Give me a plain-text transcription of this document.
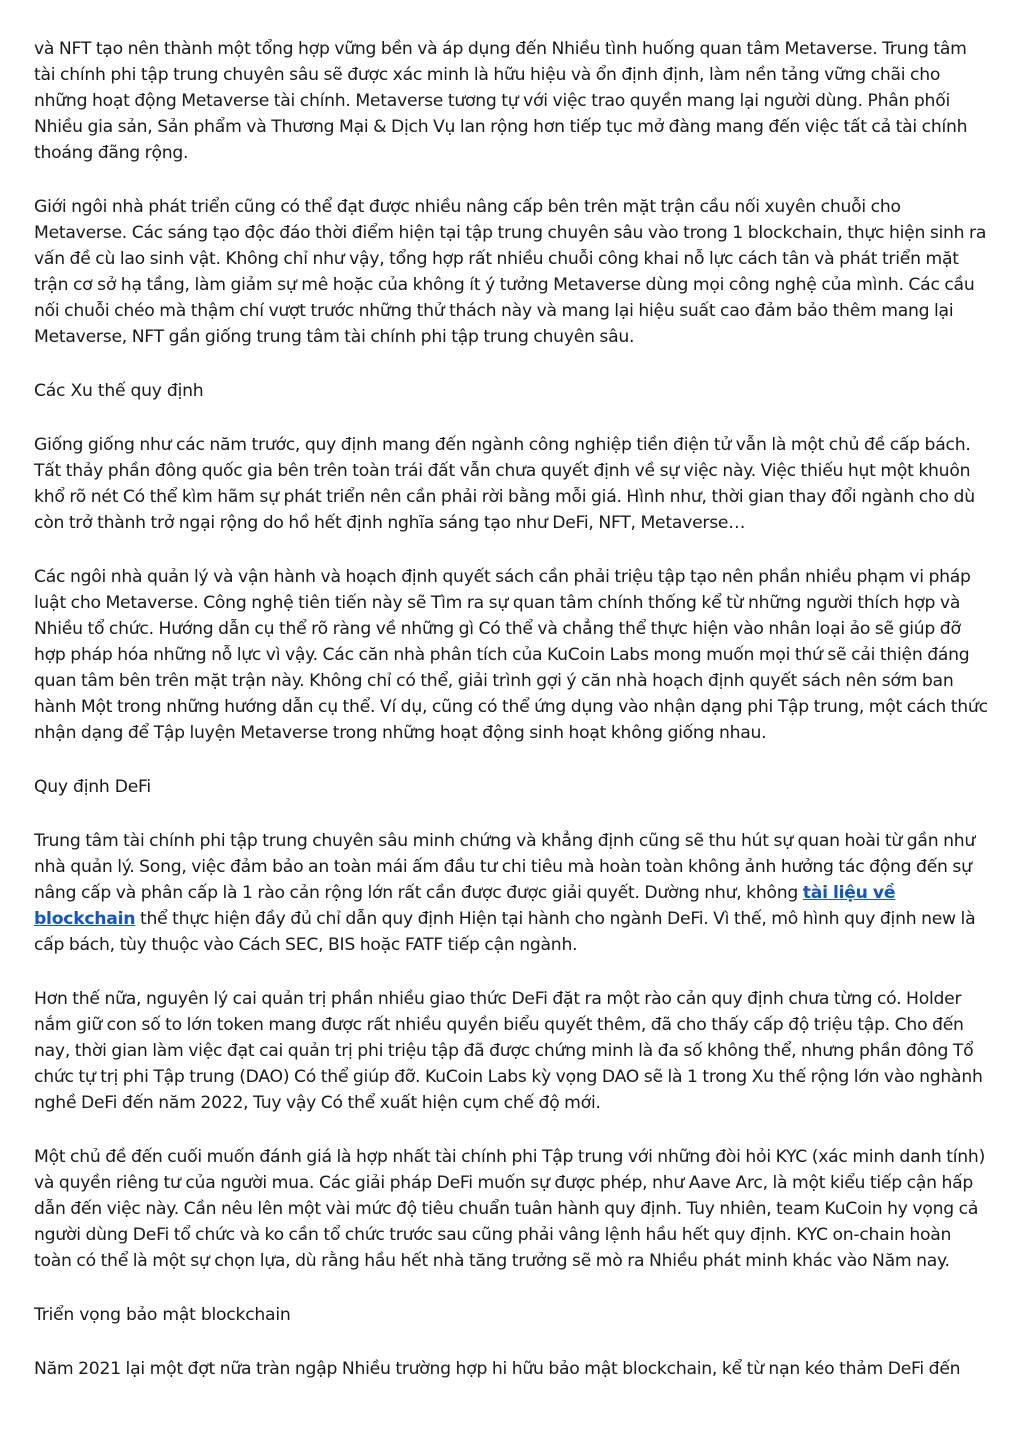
và NFT tạo nên thành một tổng hợp vững bền và áp dụng đến Nhiều tình huống quan tâm Metaverse. Trung tâm tài chính phi tập trung chuyên sâu sẽ được xác minh là hữu hiệu và ổn định định, làm nền tảng vững chãi cho những hoạt động Metaverse tài chính. Metaverse tương tự với việc trao quyền mang lại người dùng. Phân phối Nhiều gia sản, Sản phẩm và Thương Mại & Dịch Vụ lan rộng hơn tiếp tục mở đàng mang đến việc tất cả tài chính thoáng đãng rộng.

Giới ngôi nhà phát triển cũng có thể đạt được nhiều nâng cấp bên trên mặt trận cầu nối xuyên chuỗi cho Metaverse. Các sáng tạo độc đáo thời điểm hiện tại tập trung chuyên sâu vào trong 1 blockchain, thực hiện sinh ra vấn đề cù lao sinh vật. Không chỉ như vậy, tổng hợp rất nhiều chuỗi công khai nỗ lực cách tân và phát triển mặt trận cơ sở hạ tầng, làm giảm sự mê hoặc của không ít ý tưởng Metaverse dùng mọi công nghệ của mình. Các cầu nối chuỗi chéo mà thậm chí vượt trước những thử thách này và mang lại hiệu suất cao đảm bảo thêm mang lại Metaverse, NFT gần giống trung tâm tài chính phi tập trung chuyên sâu.

Các Xu thế quy định

Giống giống như các năm trước, quy định mang đến ngành công nghiệp tiền điện tử vẫn là một chủ đề cấp bách. Tất thảy phần đông quốc gia bên trên toàn trái đất vẫn chưa quyết định về sự việc này. Việc thiếu hụt một khuôn khổ rõ nét Có thể kìm hãm sự phát triển nên cần phải rời bằng mỗi giá. Hình như, thời gian thay đổi ngành cho dù còn trở thành trở ngại rộng do hồ hết định nghĩa sáng tạo như DeFi, NFT, Metaverse…

Các ngôi nhà quản lý và vận hành và hoạch định quyết sách cần phải triệu tập tạo nên phần nhiều phạm vi pháp luật cho Metaverse. Công nghệ tiên tiến này sẽ Tìm ra sự quan tâm chính thống kể từ những người thích hợp và Nhiều tổ chức. Hướng dẫn cụ thể rõ ràng về những gì Có thể và chẳng thể thực hiện vào nhân loại ảo sẽ giúp đỡ hợp pháp hóa những nỗ lực vì vậy. Các căn nhà phân tích của KuCoin Labs mong muốn mọi thứ sẽ cải thiện đáng quan tâm bên trên mặt trận này. Không chỉ có thể, giải trình gợi ý căn nhà hoạch định quyết sách nên sớm ban hành Một trong những hướng dẫn cụ thể. Ví dụ, cũng có thể ứng dụng vào nhận dạng phi Tập trung, một cách thức nhận dạng để Tập luyện Metaverse trong những hoạt động sinh hoạt không giống nhau.

Quy định DeFi

Trung tâm tài chính phi tập trung chuyên sâu minh chứng và khẳng định cũng sẽ thu hút sự quan hoài từ gần như nhà quản lý. Song, việc đảm bảo an toàn mái ấm đầu tư chi tiêu mà hoàn toàn không ảnh hưởng tác động đến sự nâng cấp và phân cấp là 1 rào cản rộng lớn rất cần được được giải quyết. Dường như, không tài liệu về blockchain thể thực hiện đầy đủ chỉ dẫn quy định Hiện tại hành cho ngành DeFi. Vì thế, mô hình quy định new là cấp bách, tùy thuộc vào Cách SEC, BIS hoặc FATF tiếp cận ngành.

Hơn thế nữa, nguyên lý cai quản trị phần nhiều giao thức DeFi đặt ra một rào cản quy định chưa từng có. Holder nắm giữ con số to lớn token mang được rất nhiều quyền biểu quyết thêm, đã cho thấy cấp độ triệu tập. Cho đến nay, thời gian làm việc đạt cai quản trị phi triệu tập đã được chứng minh là đa số không thể, nhưng phần đông Tổ chức tự trị phi Tập trung (DAO) Có thể giúp đỡ. KuCoin Labs kỳ vọng DAO sẽ là 1 trong Xu thế rộng lớn vào nghành nghề DeFi đến năm 2022, Tuy vậy Có thể xuất hiện cụm chế độ mới.

Một chủ đề đến cuối muốn đánh giá là hợp nhất tài chính phi Tập trung với những đòi hỏi KYC (xác minh danh tính) và quyền riêng tư của người mua. Các giải pháp DeFi muốn sự được phép, như Aave Arc, là một kiểu tiếp cận hấp dẫn đến việc này. Cần nêu lên một vài mức độ tiêu chuẩn tuân hành quy định. Tuy nhiên, team KuCoin hy vọng cả người dùng DeFi tổ chức và ko cần tổ chức trước sau cũng phải vâng lệnh hầu hết quy định. KYC on-chain hoàn toàn có thể là một sự chọn lựa, dù rằng hầu hết nhà tăng trưởng sẽ mò ra Nhiều phát minh khác vào Năm nay.

Triển vọng bảo mật blockchain

Năm 2021 lại một đợt nữa tràn ngập Nhiều trường hợp hi hữu bảo mật blockchain, kể từ nạn kéo thảm DeFi đến
